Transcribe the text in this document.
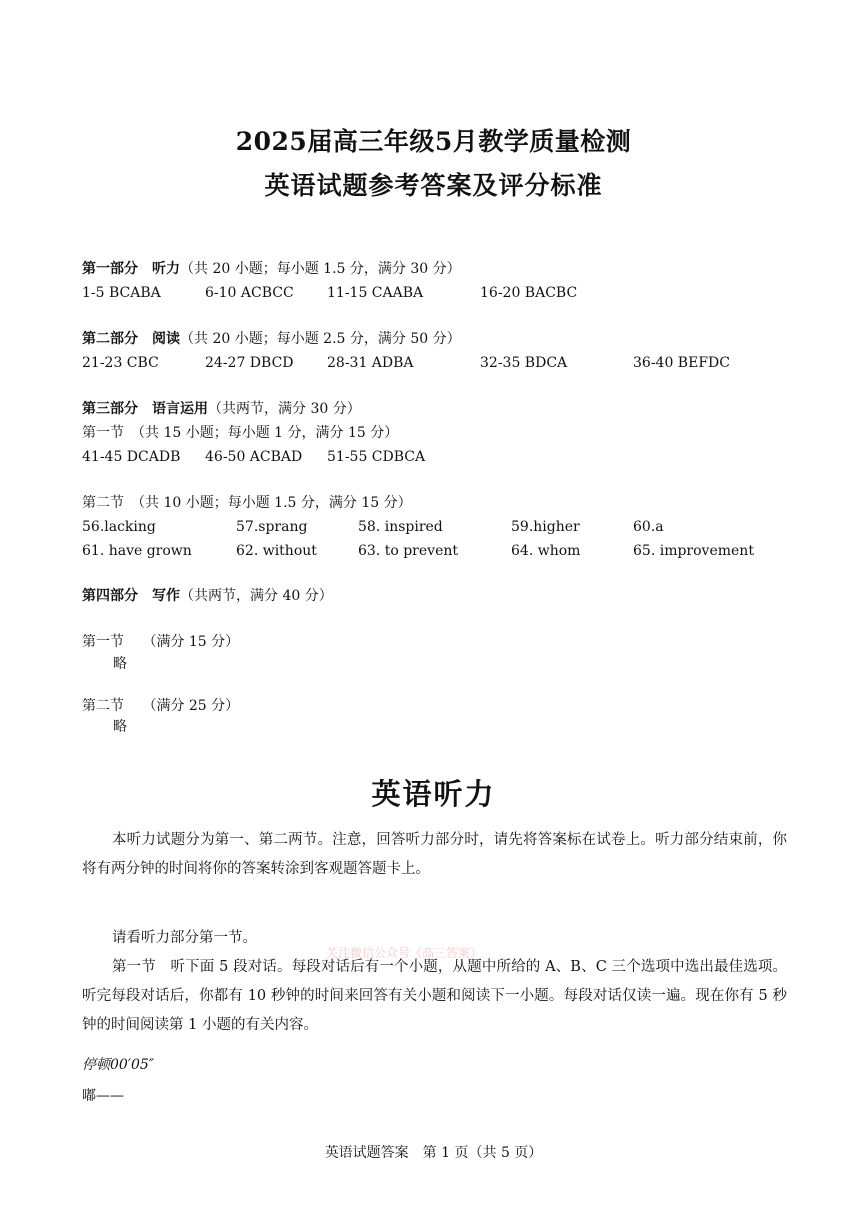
2025届高三年级5月教学质量检测
英语试题参考答案及评分标准
第一部分　听力（共 20 小题；每小题 1.5 分，满分 30 分）
1-5 BCABA	6-10 ACBCC 11-15 CAABA	16-20 BACBC
第二部分　阅读（共 20 小题；每小题 2.5 分，满分 50 分）
21-23 CBC	24-27 DBCD 28-31 ADBA	32-35 BDCA	36-40 BEFDC
第三部分　语言运用（共两节，满分 30 分）
第一节　（共 15 小题；每小题 1 分，满分 15 分）
41-45 DCADB 46-50 ACBAD 51-55 CDBCA
第二节　（共 10 小题；每小题 1.5 分，满分 15 分）
56.lacking	57.sprang	58. inspired	59.higher	60.a
61. have grown	62. without	63. to prevent	64. whom	65. improvement
第四部分　写作（共两节，满分 40 分）
第一节　 （满分 15 分）
略
第二节　 （满分 25 分）
略
英语听力
本听力试题分为第一、第二两节。注意，回答听力部分时，请先将答案标在试卷上。听力部分结束前，你将有两分钟的时间将你的答案转涂到客观题答题卡上。
请看听力部分第一节。
关注微信公众号《高三答案》
第一节　听下面 5 段对话。每段对话后有一个小题，从题中所给的 A、B、C 三个选项中选出最佳选项。听完每段对话后，你都有 10 秒钟的时间来回答有关小题和阅读下一小题。每段对话仅读一遍。现在你有 5 秒钟的时间阅读第 1 小题的有关内容。
停顿00′05″
嘟——
英语试题答案　第 1 页（共 5 页）
